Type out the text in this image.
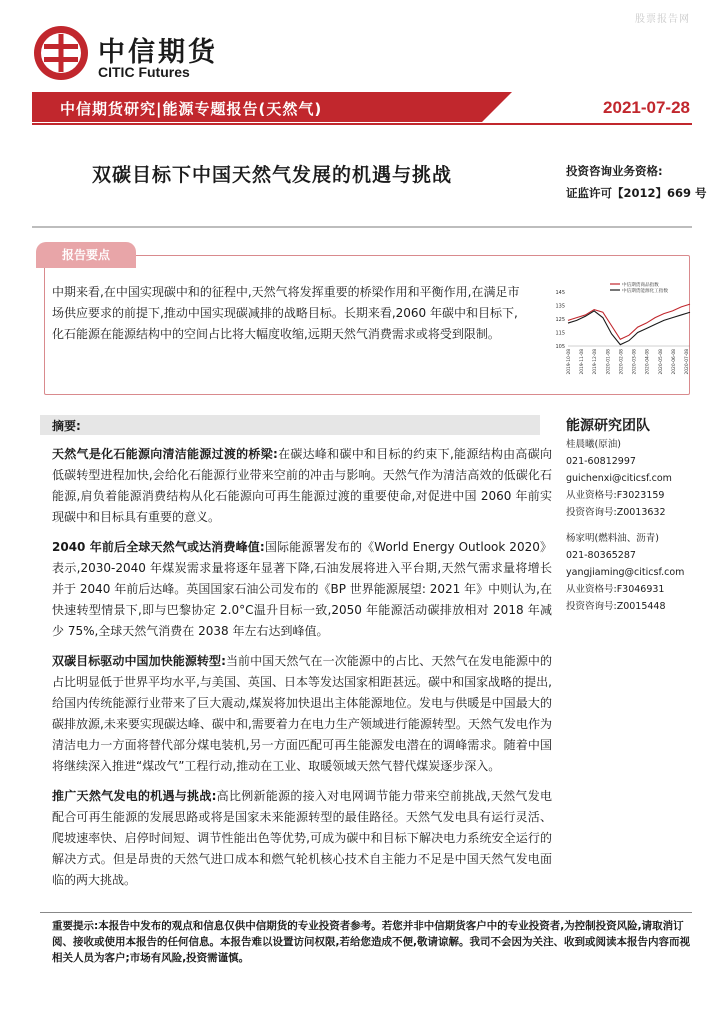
股票报告网
中信期货
CITIC Futures
中信期货研究|能源专题报告(天然气)	2021-07-28
双碳目标下中国天然气发展的机遇与挑战	投资咨询业务资格:
证监许可【2012】669 号
报告要点
中期来看,在中国实现碳中和的征程中,天然气将发挥重要的桥梁作用和平衡作用,在满足市场供应要求的前提下,推动中国实现碳减排的战略目标。长期来看,2060 年碳中和目标下,化石能源在能源结构中的空间占比将大幅度收缩,远期天然气消费需求或将受到限制。
中信期货商品指数
中信期货能源化工指数
145
135
125
115
105
2019-10-08 2019-11-08 2019-12-08 2020-01-08 2020-02-08 2020-03-08 2020-04-08 2020-05-08 2020-06-08 2020-07-08
摘要:
天然气是化石能源向清洁能源过渡的桥梁:在碳达峰和碳中和目标的约束下,能源结构由高碳向低碳转型进程加快,会给化石能源行业带来空前的冲击与影响。天然气作为清洁高效的低碳化石能源,肩负着能源消费结构从化石能源向可再生能源过渡的重要使命,对促进中国 2060 年前实现碳中和目标具有重要的意义。
2040 年前后全球天然气或达消费峰值:国际能源署发布的《World Energy Outlook 2020》表示,2030-2040 年煤炭需求量将逐年显著下降,石油发展将进入平台期,天然气需求量将增长并于 2040 年前后达峰。英国国家石油公司发布的《BP 世界能源展望: 2021 年》中则认为,在快速转型情景下,即与巴黎协定 2.0°C温升目标一致,2050 年能源活动碳排放相对 2018 年减少 75%,全球天然气消费在 2038 年左右达到峰值。
双碳目标驱动中国加快能源转型:当前中国天然气在一次能源中的占比、天然气在发电能源中的占比明显低于世界平均水平,与美国、英国、日本等发达国家相距甚远。碳中和国家战略的提出,给国内传统能源行业带来了巨大震动,煤炭将加快退出主体能源地位。发电与供暖是中国最大的碳排放源,未来要实现碳达峰、碳中和,需要着力在电力生产领域进行能源转型。天然气发电作为清洁电力一方面将替代部分煤电装机,另一方面匹配可再生能源发电潜在的调峰需求。随着中国将继续深入推进“煤改气”工程行动,推动在工业、取暖领域天然气替代煤炭逐步深入。
推广天然气发电的机遇与挑战:高比例新能源的接入对电网调节能力带来空前挑战,天然气发电配合可再生能源的发展思路或将是国家未来能源转型的最佳路径。天然气发电具有运行灵活、爬坡速率快、启停时间短、调节性能出色等优势,可成为碳中和目标下解决电力系统安全运行的解决方式。但是昂贵的天然气进口成本和燃气轮机核心技术自主能力不足是中国天然气发电面临的两大挑战。
能源研究团队
桂晨曦(原油)
021-60812997
guichenxi@citicsf.com
从业资格号:F3023159
投资咨询号:Z0013632
杨家明(燃料油、沥青)
021-80365287
yangjiaming@citicsf.com
从业资格号:F3046931
投资咨询号:Z0015448
重要提示:本报告中发布的观点和信息仅供中信期货的专业投资者参考。若您并非中信期货客户中的专业投资者,为控制投资风险,请取消订阅、接收或使用本报告的任何信息。本报告难以设置访问权限,若给您造成不便,敬请谅解。我司不会因为关注、收到或阅读本报告内容而视相关人员为客户;市场有风险,投资需谨慎。
